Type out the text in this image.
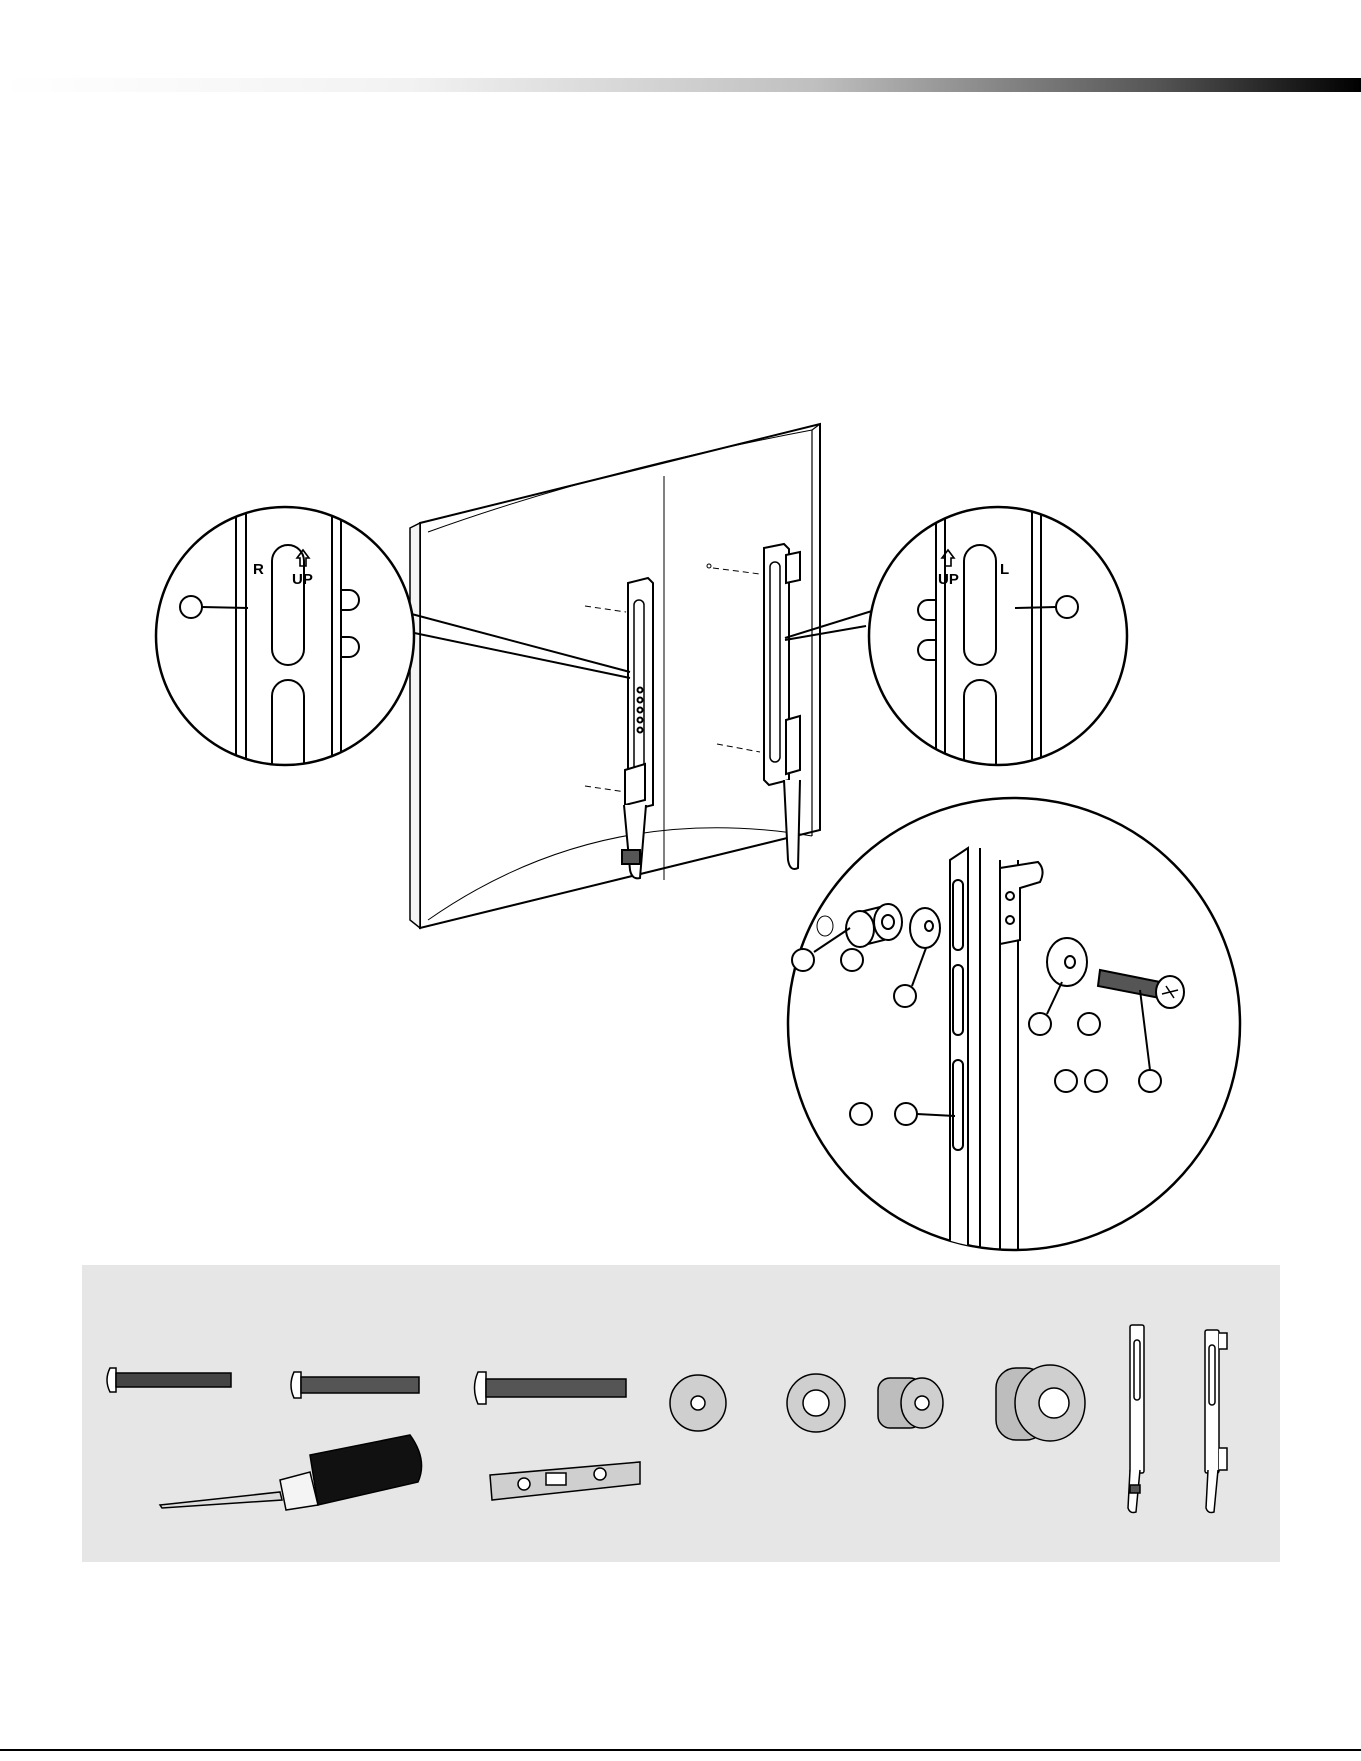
R
UP	UP
L
